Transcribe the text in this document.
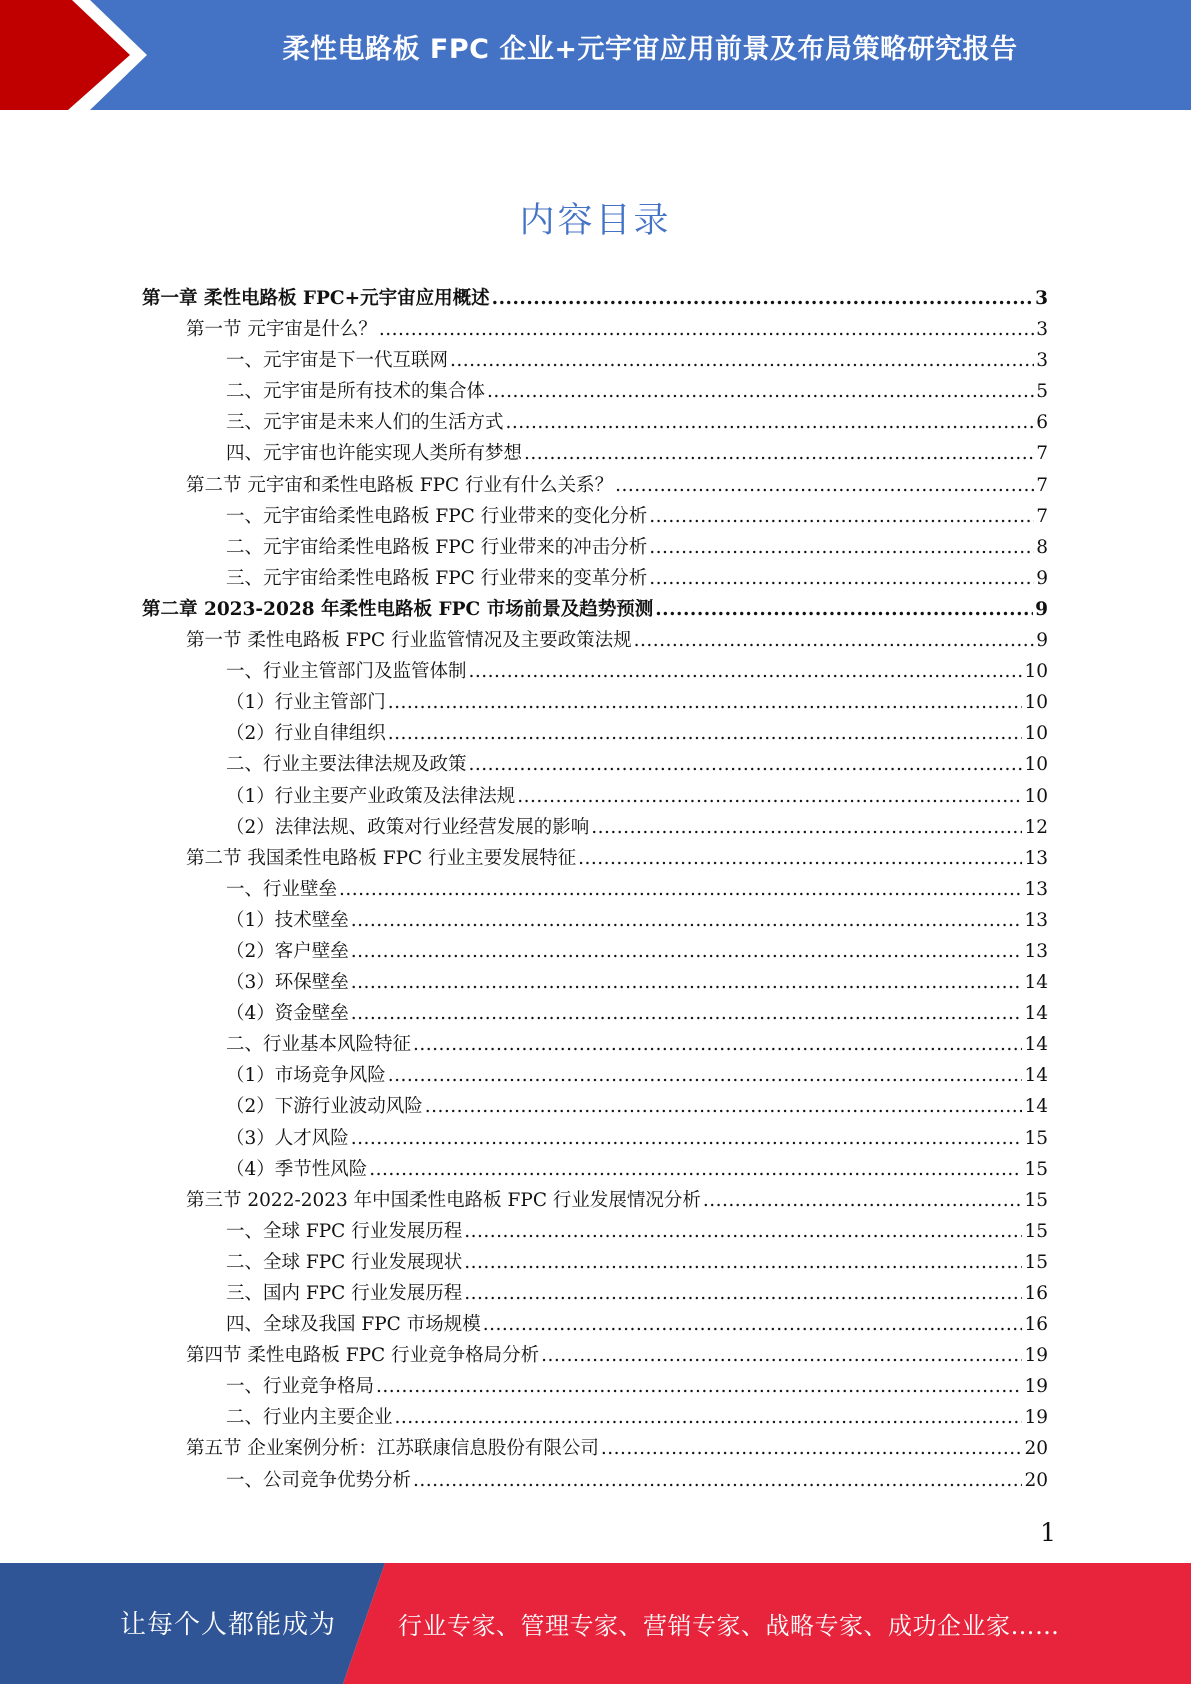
柔性电路板 FPC 企业+元宇宙应用前景及布局策略研究报告
内容目录
第一章 柔性电路板 FPC+元宇宙应用概述 .....	3
第一节 元宇宙是什么？ .....	3
一、元宇宙是下一代互联网 .....	3
二、元宇宙是所有技术的集合体 .....	5
三、元宇宙是未来人们的生活方式 .....	6
四、元宇宙也许能实现人类所有梦想 .....	7
第二节 元宇宙和柔性电路板 FPC 行业有什么关系？ .....	7
一、元宇宙给柔性电路板 FPC 行业带来的变化分析 .....	7
二、元宇宙给柔性电路板 FPC 行业带来的冲击分析 .....	8
三、元宇宙给柔性电路板 FPC 行业带来的变革分析 .....	9
第二章 2023-2028 年柔性电路板 FPC 市场前景及趋势预测 .....	9
第一节 柔性电路板 FPC 行业监管情况及主要政策法规 .....	9
一、行业主管部门及监管体制 .....	10
（1）行业主管部门 .....	10
（2）行业自律组织 .....	10
二、行业主要法律法规及政策 .....	10
（1）行业主要产业政策及法律法规 .....	10
（2）法律法规、政策对行业经营发展的影响 .....	12
第二节 我国柔性电路板 FPC 行业主要发展特征 .....	13
一、行业壁垒 .....	13
（1）技术壁垒 .....	13
（2）客户壁垒 .....	13
（3）环保壁垒 .....	14
（4）资金壁垒 .....	14
二、行业基本风险特征 .....	14
（1）市场竞争风险 .....	14
（2）下游行业波动风险 .....	14
（3）人才风险 .....	15
（4）季节性风险 .....	15
第三节 2022-2023 年中国柔性电路板 FPC 行业发展情况分析 .....	15
一、全球 FPC 行业发展历程 .....	15
二、全球 FPC 行业发展现状 .....	15
三、国内 FPC 行业发展历程 .....	16
四、全球及我国 FPC 市场规模 .....	16
第四节 柔性电路板 FPC 行业竞争格局分析 .....	19
一、行业竞争格局 .....	19
二、行业内主要企业 .....	19
第五节 企业案例分析：江苏联康信息股份有限公司 .....	20
一、公司竞争优势分析 .....	20
1
让每个人都能成为	行业专家、管理专家、营销专家、战略专家、成功企业家……
